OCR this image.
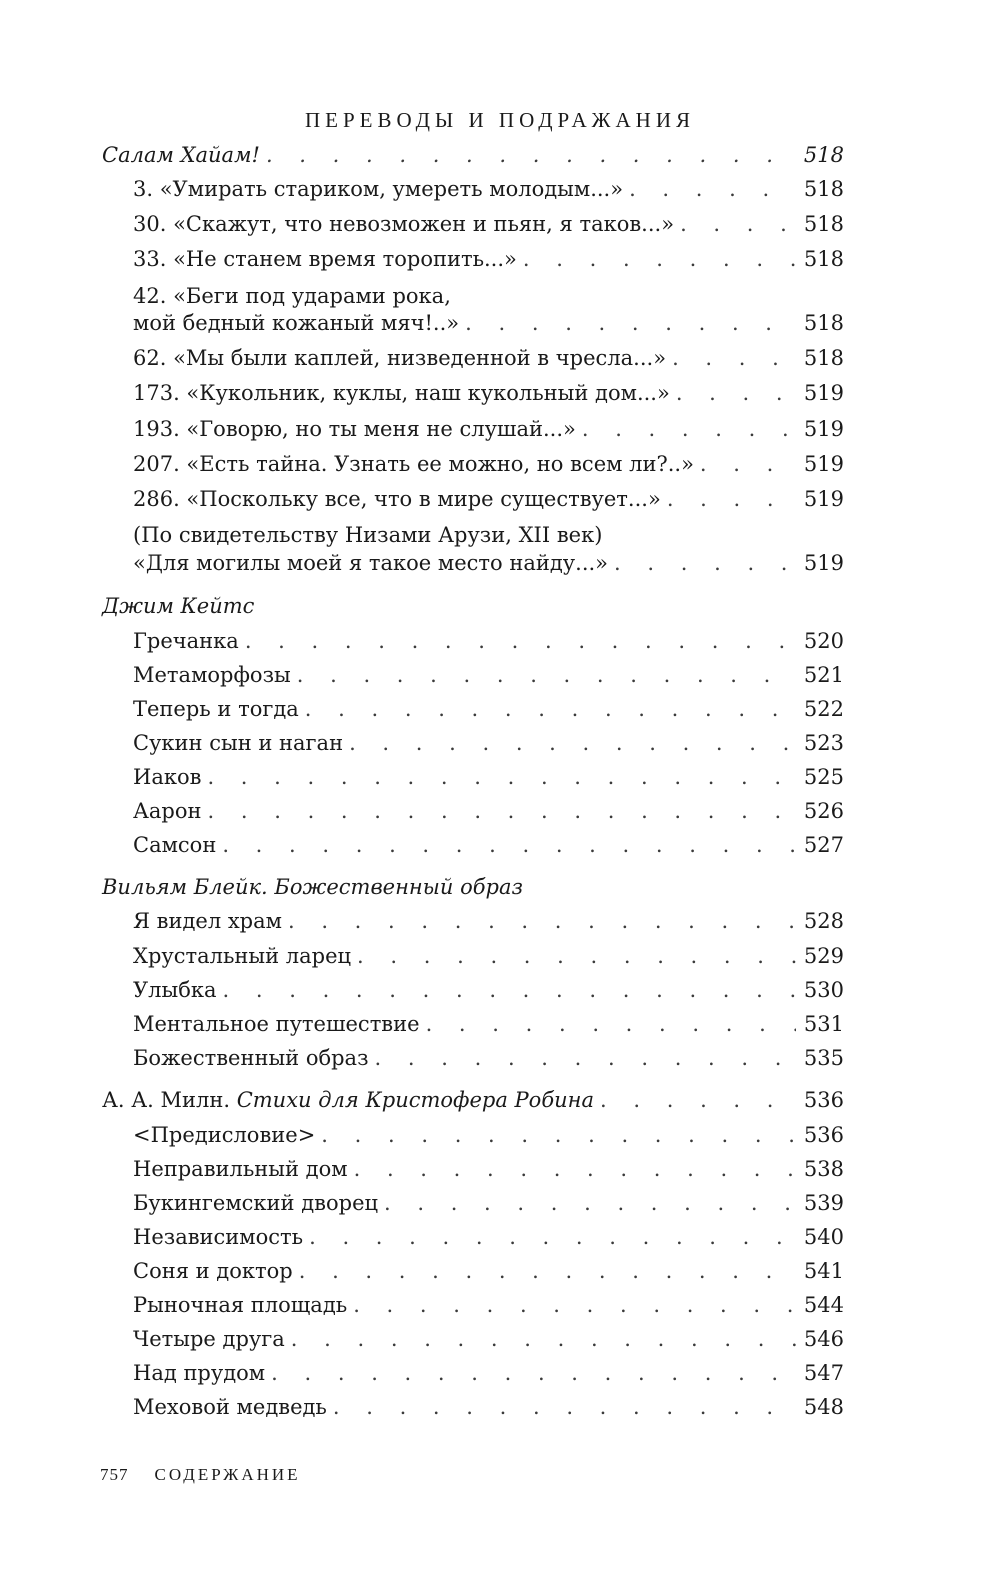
ПЕРЕВОДЫ И ПОДРАЖАНИЯ
Салам Хайам! . . .	518
3. «Умирать стариком, умереть молодым...» . . .	518
30. «Скажут, что невозможен и пьян, я таков...» . . .	518
33. «Не станем время торопить...» . . .	518
42. «Беги под ударами рока,
мой бедный кожаный мяч!..» . . .	518
62. «Мы были каплей, низведенной в чресла...» . . .	518
173. «Кукольник, куклы, наш кукольный дом...» . . .	519
193. «Говорю, но ты меня не слушай...» . . .	519
207. «Есть тайна. Узнать ее можно, но всем ли?..» . . .	519
286. «Поскольку все, что в мире существует...» . . .	519
(По свидетельству Низами Арузи, XII век)
«Для могилы моей я такое место найду...» . . .	519
Джим Кейтс
Гречанка . . .	520
Метаморфозы . . .	521
Теперь и тогда . . .	522
Сукин сын и наган . . .	523
Иаков . . .	525
Аарон . . .	526
Самсон . . .	527
Вильям Блейк. Божественный образ
Я видел храм . . .	528
Хрустальный ларец . . .	529
Улыбка . . .	530
Ментальное путешествие . . .	531
Божественный образ . . .	535
А. А. Милн. Стихи для Кристофера Робина . . .	536
<Предисловие> . . .	536
Неправильный дом . . .	538
Букингемский дворец . . .	539
Независимость . . .	540
Соня и доктор . . .	541
Рыночная площадь . . .	544
Четыре друга . . .	546
Над прудом . . .	547
Меховой медведь . . .	548
757 СОДЕРЖАНИЕ
